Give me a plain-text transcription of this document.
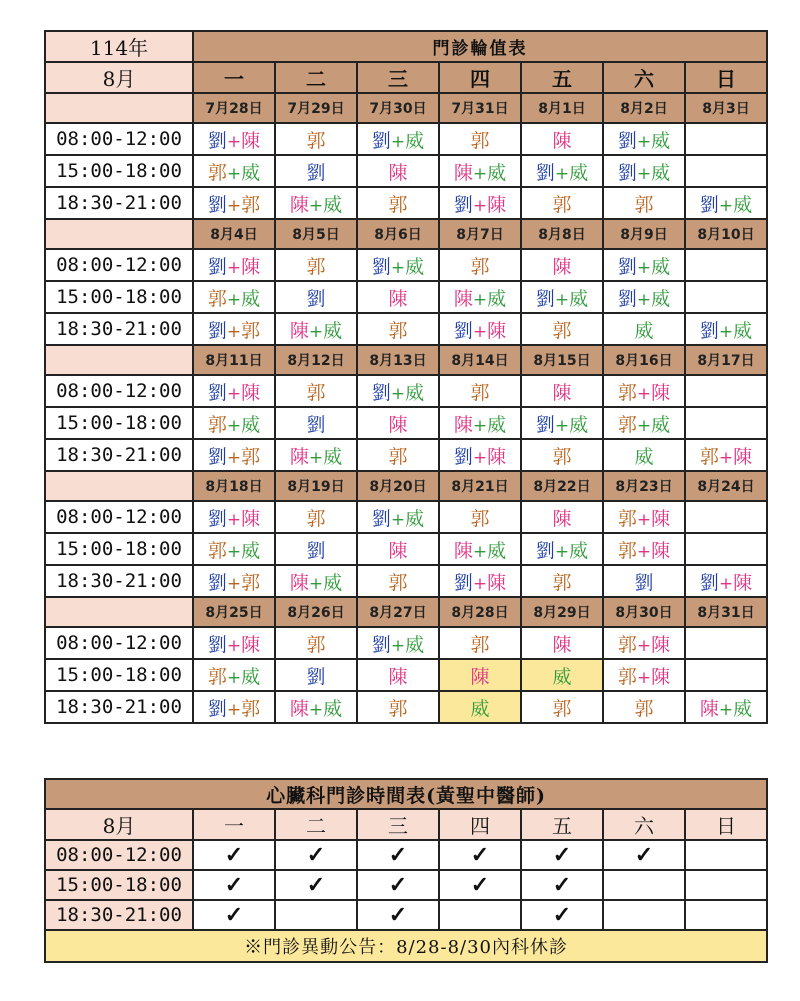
114年	門診輪值表						
8月	一	二	三	四	五	六	日
	7月28日	7月29日	7月30日	7月31日	8月1日	8月2日	8月3日
08:00-12:00	劉+陳	郭	劉+威	郭	陳	劉+威	
15:00-18:00	郭+威	劉	陳	陳+威	劉+威	劉+威	
18:30-21:00	劉+郭	陳+威	郭	劉+陳	郭	郭	劉+威
	8月4日	8月5日	8月6日	8月7日	8月8日	8月9日	8月10日
08:00-12:00	劉+陳	郭	劉+威	郭	陳	劉+威	
15:00-18:00	郭+威	劉	陳	陳+威	劉+威	劉+威	
18:30-21:00	劉+郭	陳+威	郭	劉+陳	郭	威	劉+威
	8月11日	8月12日	8月13日	8月14日	8月15日	8月16日	8月17日
08:00-12:00	劉+陳	郭	劉+威	郭	陳	郭+陳	
15:00-18:00	郭+威	劉	陳	陳+威	劉+威	郭+威	
18:30-21:00	劉+郭	陳+威	郭	劉+陳	郭	威	郭+陳
	8月18日	8月19日	8月20日	8月21日	8月22日	8月23日	8月24日
08:00-12:00	劉+陳	郭	劉+威	郭	陳	郭+陳	
15:00-18:00	郭+威	劉	陳	陳+威	劉+威	郭+陳	
18:30-21:00	劉+郭	陳+威	郭	劉+陳	郭	劉	劉+陳
	8月25日	8月26日	8月27日	8月28日	8月29日	8月30日	8月31日
08:00-12:00	劉+陳	郭	劉+威	郭	陳	郭+陳	
15:00-18:00	郭+威	劉	陳	陳	威	郭+陳	
18:30-21:00	劉+郭	陳+威	郭	威	郭	郭	陳+威
心臟科門診時間表(黃聖中醫師)							
8月	一	二	三	四	五	六	日
08:00-12:00	✓	✓	✓	✓	✓	✓	
15:00-18:00	✓	✓	✓	✓	✓		
18:30-21:00	✓		✓		✓		
※門診異動公告：8/28-8/30內科休診							
